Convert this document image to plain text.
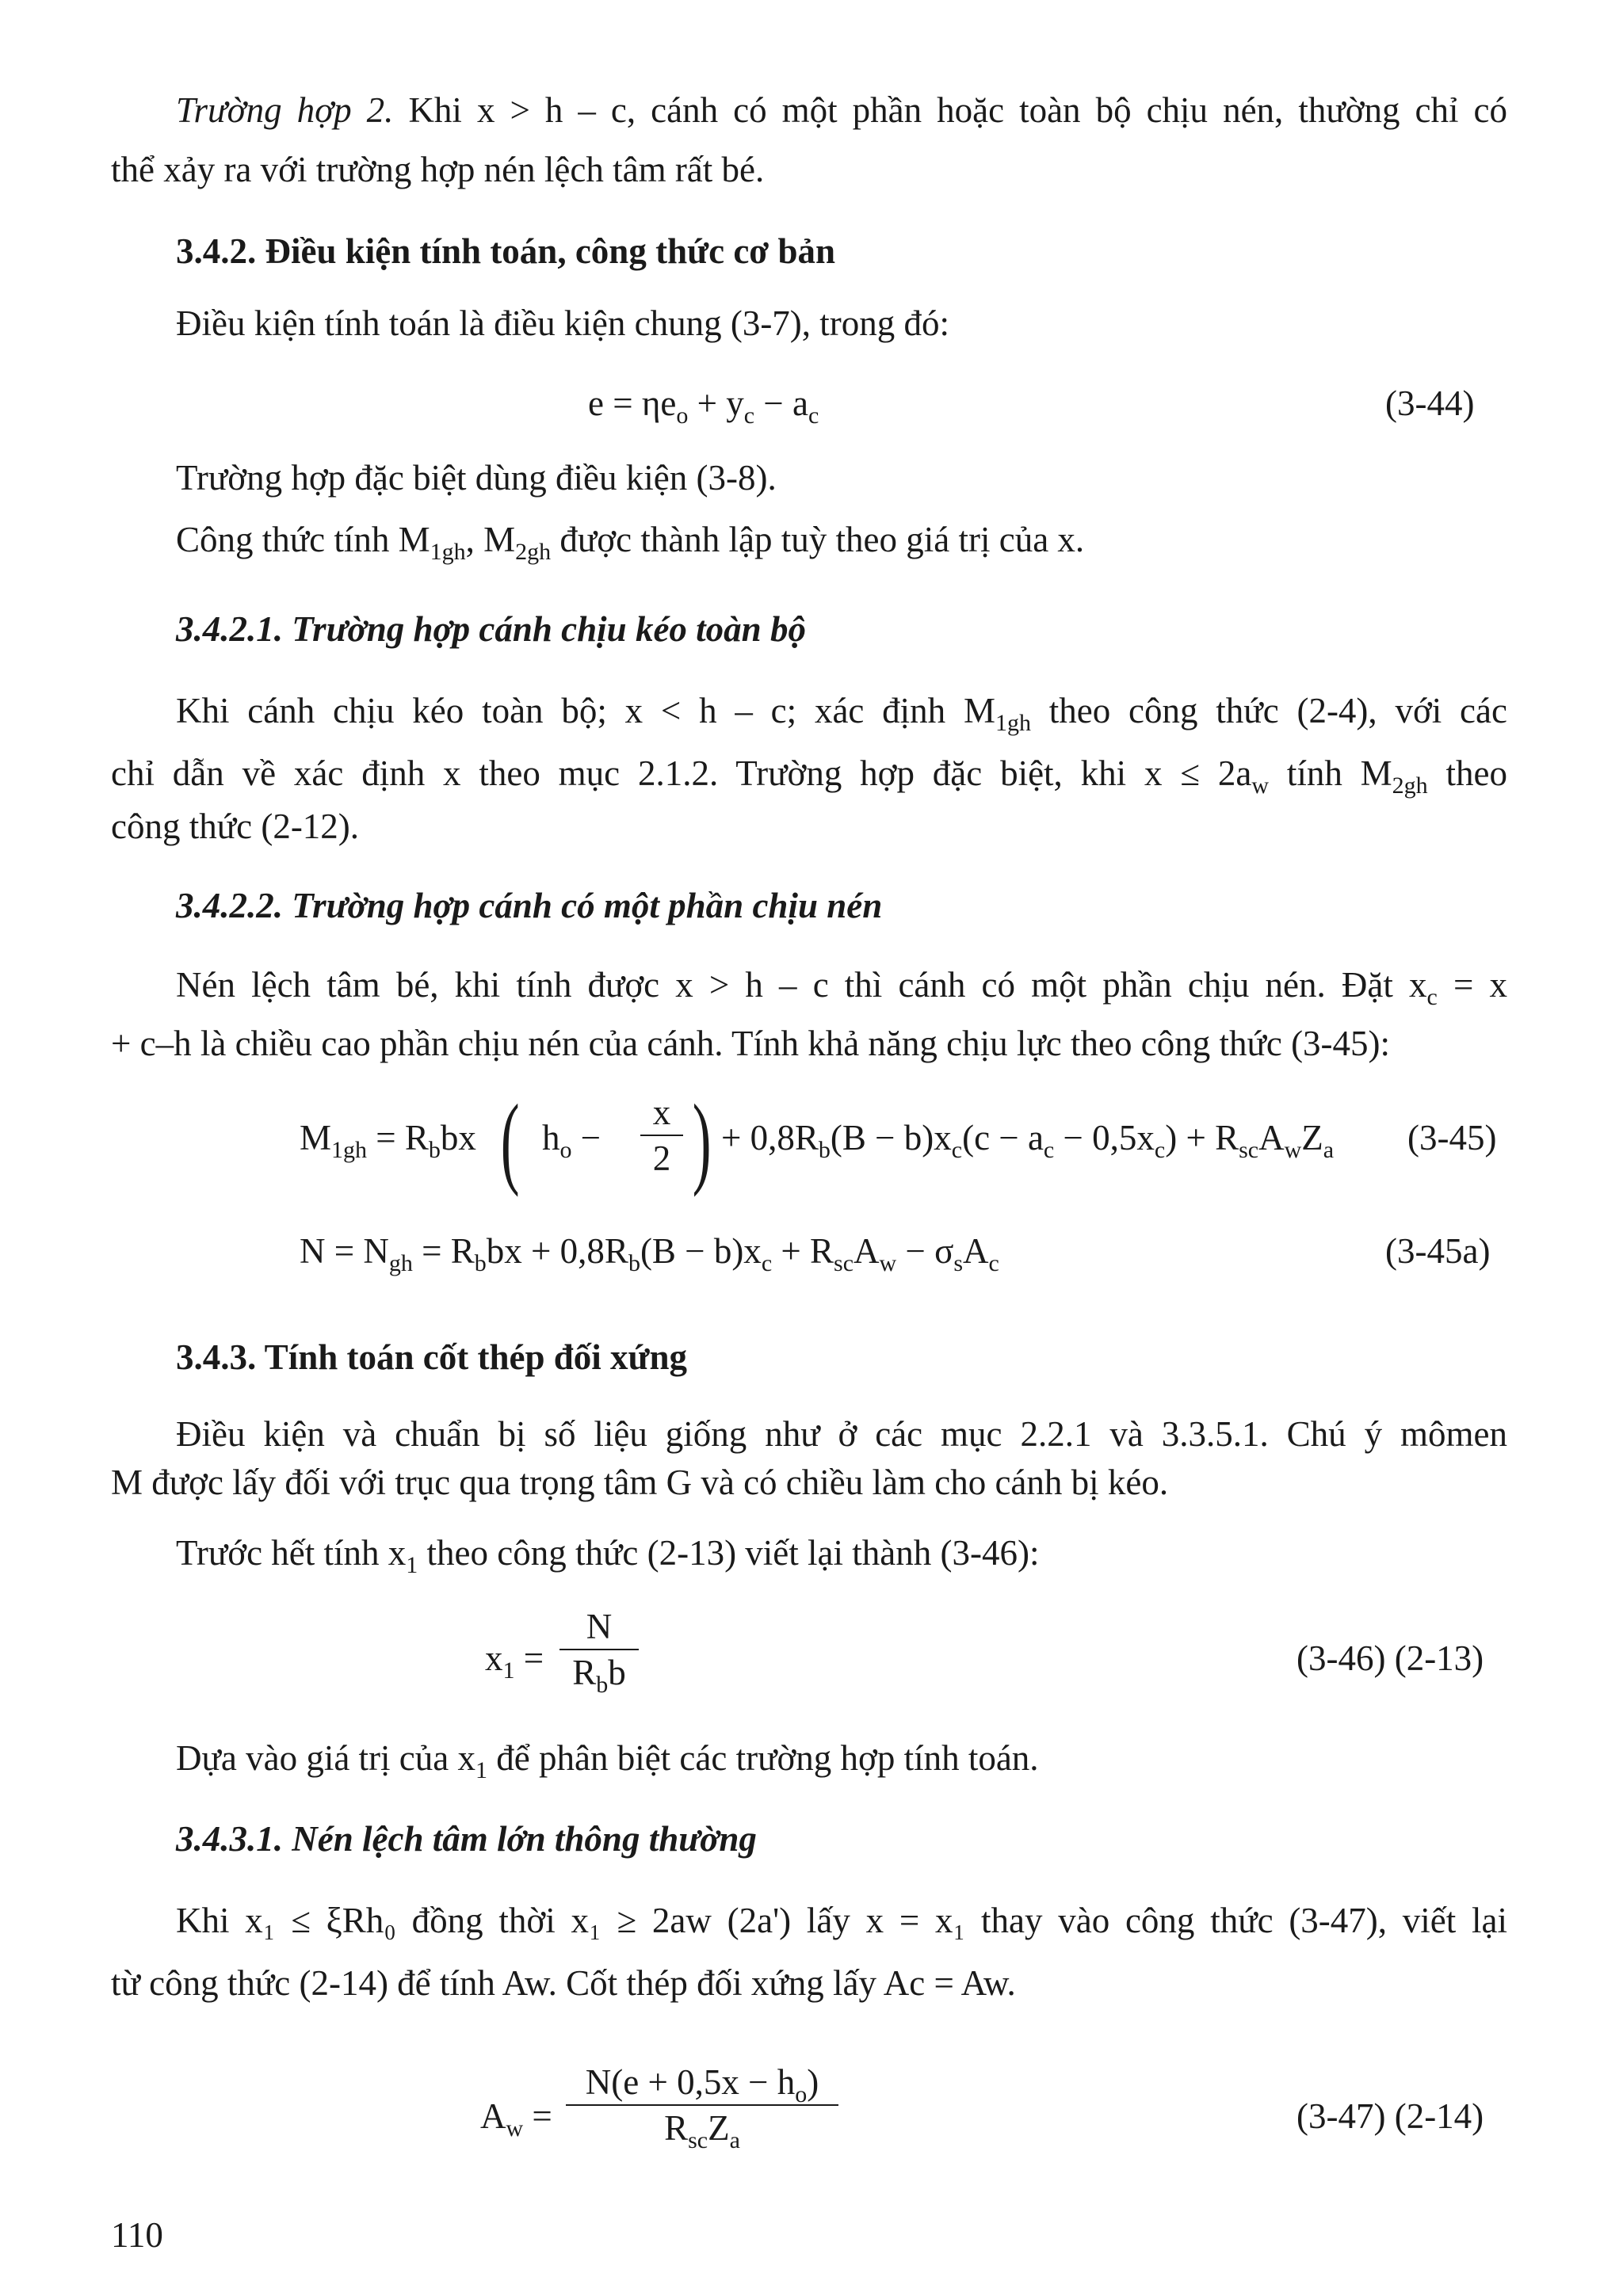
Trường hợp 2. Khi x > h – c, cánh có một phần hoặc toàn bộ chịu nén, thường chỉ có

thể xảy ra với trường hợp nén lệch tâm rất bé.

3.4.2. Điều kiện tính toán, công thức cơ bản

Điều kiện tính toán là điều kiện chung (3-7), trong đó:

$e = \eta e_o + y_c - a_c$	(3-44)

Trường hợp đặc biệt dùng điều kiện (3-8).

Công thức tính $M_{1gh}$, $M_{2gh}$ được thành lập tuỳ theo giá trị của x.

3.4.2.1. Trường hợp cánh chịu kéo toàn bộ

Khi cánh chịu kéo toàn bộ; x < h – c; xác định $M_{1gh}$ theo công thức (2-4), với các

chỉ dẫn về xác định x theo mục 2.1.2. Trường hợp đặc biệt, khi $x \le 2a_w$ tính $M_{2gh}$ theo

công thức (2-12).

3.4.2.2. Trường hợp cánh có một phần chịu nén

Nén lệch tâm bé, khi tính được x > h – c thì cánh có một phần chịu nén. Đặt $x_c = x$

+ c–h là chiều cao phần chịu nén của cánh. Tính khả năng chịu lực theo công thức (3-45):

$M_{1gh} = R_bbx$ ( $h_o - \frac{x}{2}$ ) + $0,8R_b(B - b)x_c(c - a_c - 0,5x_c) + R_{sc}A_wZ_a$ (3-45)
$N = N_{gh} = R_bbx + 0,8R_b(B - b)x_c + R_{sc}A_w - \sigma_sA_c$	(3-45a)

3.4.3. Tính toán cốt thép đối xứng

Điều kiện và chuẩn bị số liệu giống như ở các mục 2.2.1 và 3.3.5.1. Chú ý mômen

M được lấy đối với trục qua trọng tâm G và có chiều làm cho cánh bị kéo.

Trước hết tính $x_1$ theo công thức (2-13) viết lại thành (3-46):

$x_1$ =
N
$R_bb$	(3-46) (2-13)

Dựa vào giá trị của $x_1$ để phân biệt các trường hợp tính toán.

3.4.3.1. Nén lệch tâm lớn thông thường

Khi x₁ ≤ ξRh₀ đồng thời x₁ ≥ 2aw (2a') lấy x = x₁ thay vào công thức (3-47), viết lại

từ công thức (2-14) để tính Aw. Cốt thép đối xứng lấy Ac = Aw.

$A_w$ =
$N(e + 0,5x - h_o)$
$R_{sc}Z_a$
(3-47) (2-14)
110
